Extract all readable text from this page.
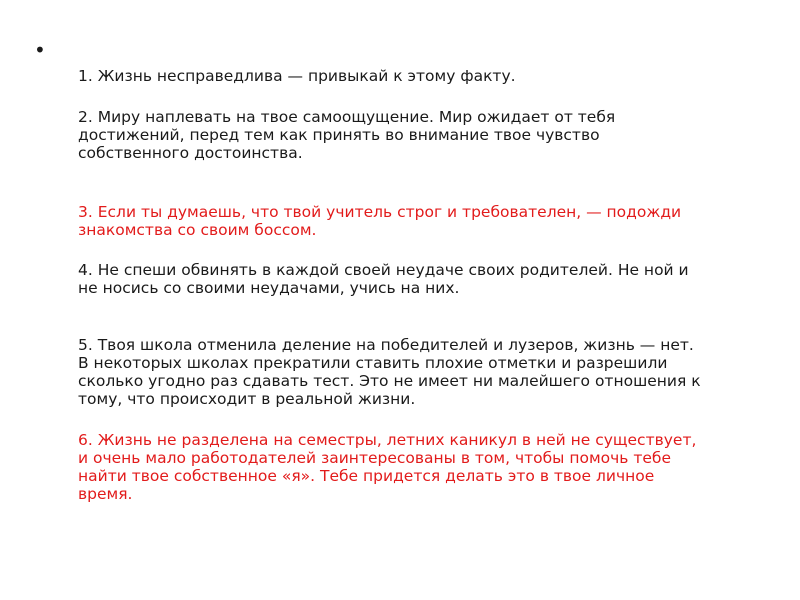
•

1. Жизнь несправедлива — привыкай к этому факту.

2. Миру наплевать на твое самоощущение. Мир ожидает от тебя
достижений, перед тем как принять во внимание твое чувство
собственного достоинства.

3. Если ты думаешь, что твой учитель строг и требователен, — подожди
знакомства со своим боссом.

4. Не спеши обвинять в каждой своей неудаче своих родителей. Не ной и
не носись со своими неудачами, учись на них.

5. Твоя школа отменила деление на победителей и лузеров, жизнь — нет.
В некоторых школах прекратили ставить плохие отметки и разрешили
сколько угодно раз сдавать тест. Это не имеет ни малейшего отношения к
тому, что происходит в реальной жизни.

6. Жизнь не разделена на семестры, летних каникул в ней не существует,
и очень мало работодателей заинтересованы в том, чтобы помочь тебе
найти твое собственное «я». Тебе придется делать это в твое личное
время.
